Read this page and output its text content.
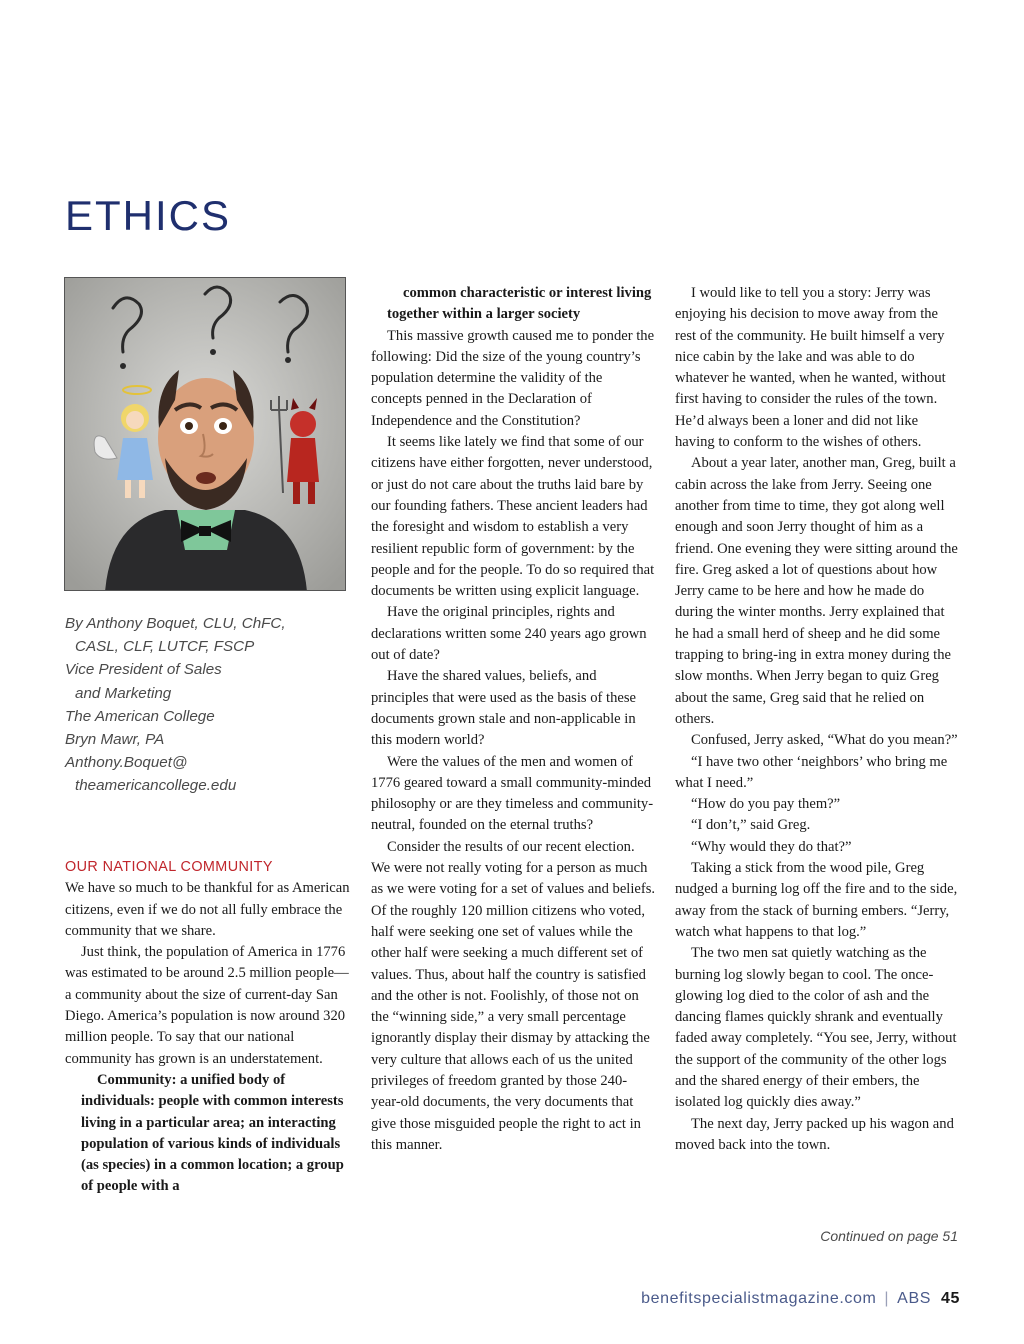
ETHICS
By Anthony Boquet, CLU, ChFC,
CASL, CLF, LUTCF, FSCP
Vice President of Sales
and Marketing
The American College
Bryn Mawr, PA
Anthony.Boquet@
theamericancollege.edu
OUR NATIONAL COMMUNITY

We have so much to be thankful for as American citizens, even if we do not all fully embrace the community that we share.

Just think, the population of America in 1776 was estimated to be around 2.5 million people—a community about the size of current-day San Diego. America’s population is now around 320 million people. To say that our national community has grown is an understatement.

Community: a unified body of individuals: people with common interests living in a particular area; an interacting population of various kinds of individuals (as species) in a common location; a group of people with a

common characteristic or interest living together within a larger society

This massive growth caused me to ponder the following: Did the size of the young country’s population determine the validity of the concepts penned in the Declaration of Independence and the Constitution?

It seems like lately we find that some of our citizens have either forgotten, never understood, or just do not care about the truths laid bare by our founding fathers. These ancient leaders had the foresight and wisdom to establish a very resilient republic form of government: by the people and for the people. To do so required that documents be written using explicit language.

Have the original principles, rights and declarations written some 240 years ago grown out of date?

Have the shared values, beliefs, and principles that were used as the basis of these documents grown stale and non-applicable in this modern world?

Were the values of the men and women of 1776 geared toward a small community-minded philosophy or are they timeless and community-neutral, founded on the eternal truths?

Consider the results of our recent election. We were not really voting for a person as much as we were voting for a set of values and beliefs. Of the roughly 120 million citizens who voted, half were seeking one set of values while the other half were seeking a much different set of values. Thus, about half the country is satisfied and the other is not. Foolishly, of those not on the “winning side,” a very small percentage ignorantly display their dismay by attacking the very culture that allows each of us the united privileges of freedom granted by those 240-year-old documents, the very documents that give those misguided people the right to act in this manner.

I would like to tell you a story: Jerry was enjoying his decision to move away from the rest of the community. He built himself a very nice cabin by the lake and was able to do whatever he wanted, when he wanted, without first having to consider the rules of the town. He’d always been a loner and did not like having to conform to the wishes of others.

About a year later, another man, Greg, built a cabin across the lake from Jerry. Seeing one another from time to time, they got along well enough and soon Jerry thought of him as a friend. One evening they were sitting around the fire. Greg asked a lot of questions about how Jerry came to be here and how he made do during the winter months. Jerry explained that he had a small herd of sheep and he did some trapping to bring-ing in extra money during the slow months. When Jerry began to quiz Greg about the same, Greg said that he relied on others.

Confused, Jerry asked, “What do you mean?”

“I have two other ‘neighbors’ who bring me what I need.”

“How do you pay them?”

“I don’t,” said Greg.

“Why would they do that?”

Taking a stick from the wood pile, Greg nudged a burning log off the fire and to the side, away from the stack of burning embers. “Jerry, watch what happens to that log.”

The two men sat quietly watching as the burning log slowly began to cool. The once-glowing log died to the color of ash and the dancing flames quickly shrank and eventually faded away completely. “You see, Jerry, without the support of the community of the other logs and the shared energy of their embers, the isolated log quickly dies away.”

The next day, Jerry packed up his wagon and moved back into the town.

Continued on page 51
benefitspecialistmagazine.com | ABS 45
